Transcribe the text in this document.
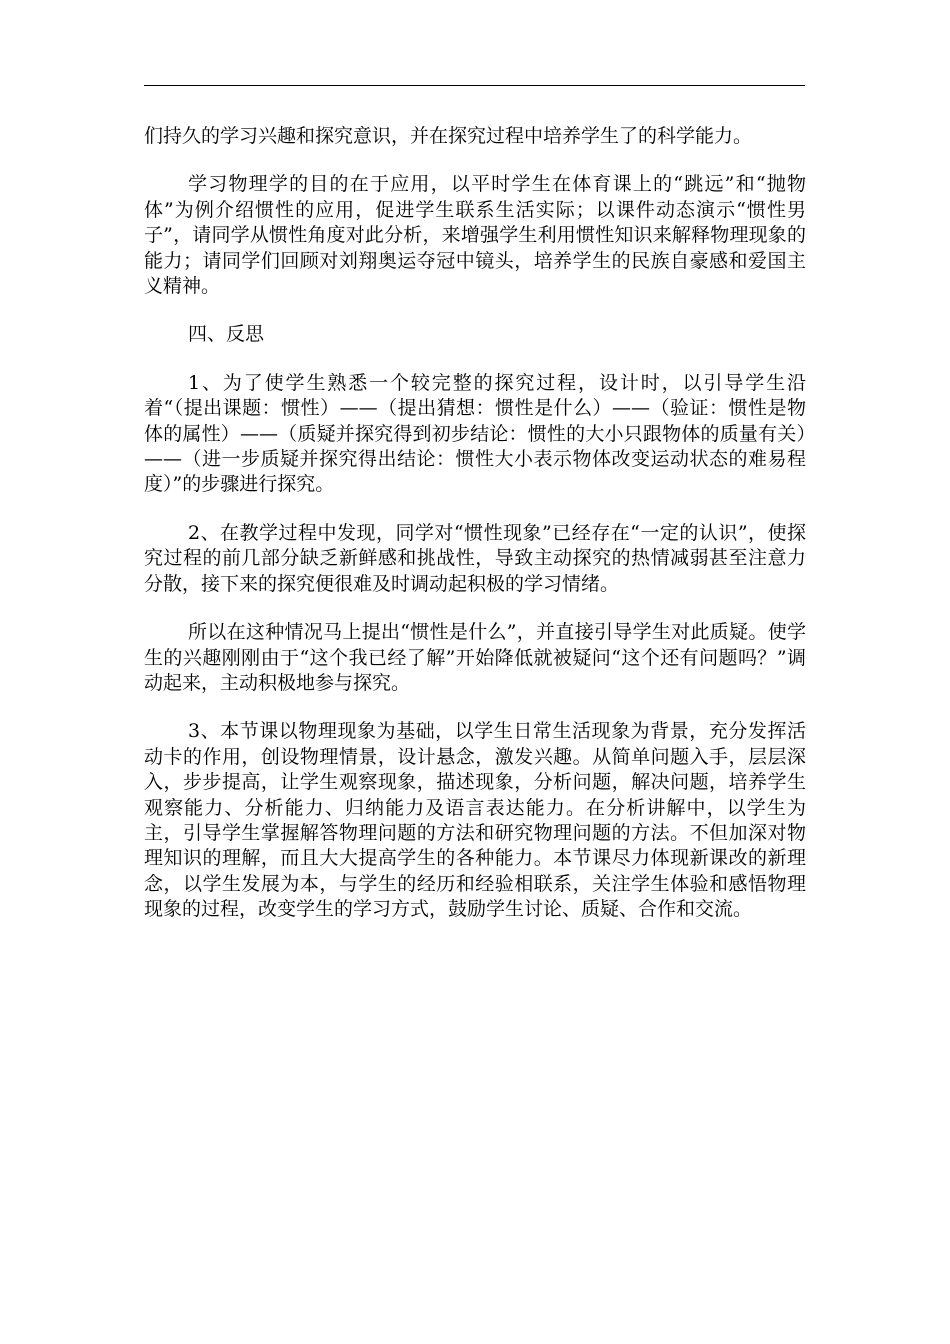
们持久的学习兴趣和探究意识，并在探究过程中培养学生了的科学能力。

学习物理学的目的在于应用，以平时学生在体育课上的“跳远”和“抛物体”为例介绍惯性的应用，促进学生联系生活实际；以课件动态演示“惯性男子”，请同学从惯性角度对此分析，来增强学生利用惯性知识来解释物理现象的能力；请同学们回顾对刘翔奥运夺冠中镜头，培养学生的民族自豪感和爱国主义精神。

四、反思

1、为了使学生熟悉一个较完整的探究过程，设计时，以引导学生沿着“（提出课题：惯性）——（提出猜想：惯性是什么）——（验证：惯性是物体的属性）——（质疑并探究得到初步结论：惯性的大小只跟物体的质量有关）——（进一步质疑并探究得出结论：惯性大小表示物体改变运动状态的难易程度）”的步骤进行探究。

2、在教学过程中发现，同学对“惯性现象”已经存在“一定的认识”，使探究过程的前几部分缺乏新鲜感和挑战性，导致主动探究的热情减弱甚至注意力分散，接下来的探究便很难及时调动起积极的学习情绪。

所以在这种情况马上提出“惯性是什么”，并直接引导学生对此质疑。使学生的兴趣刚刚由于“这个我已经了解”开始降低就被疑问“这个还有问题吗？”调动起来，主动积极地参与探究。

3、本节课以物理现象为基础，以学生日常生活现象为背景，充分发挥活动卡的作用，创设物理情景，设计悬念，激发兴趣。从简单问题入手，层层深入，步步提高，让学生观察现象，描述现象，分析问题，解决问题，培养学生观察能力、分析能力、归纳能力及语言表达能力。在分析讲解中，以学生为主，引导学生掌握解答物理问题的方法和研究物理问题的方法。不但加深对物理知识的理解，而且大大提高学生的各种能力。本节课尽力体现新课改的新理念，以学生发展为本，与学生的经历和经验相联系，关注学生体验和感悟物理现象的过程，改变学生的学习方式，鼓励学生讨论、质疑、合作和交流。
